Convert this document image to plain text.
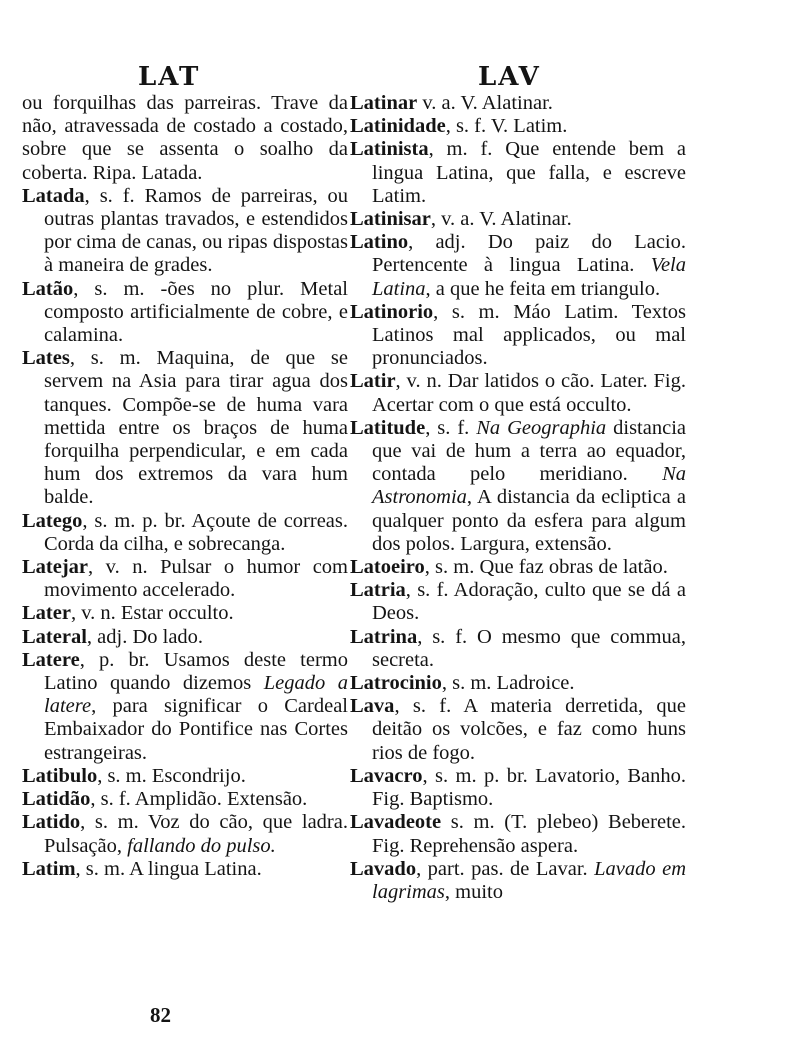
LAT	LAV

ou forquilhas das parreiras. Trave da não, atravessada de costado a costado, sobre que se assenta o soalho da coberta. Ripa. Latada.

Latada, s. f. Ramos de parreiras, ou outras plantas travados, e estendidos por cima de canas, ou ripas dispostas à maneira de grades.

Latão, s. m. -ões no plur. Metal composto artificialmente de cobre, e calamina.

Lates, s. m. Maquina, de que se servem na Asia para tirar agua dos tanques. Compõe-se de huma vara mettida entre os braços de huma forquilha perpendicular, e em cada hum dos extremos da vara hum balde.

Latego, s. m. p. br. Açoute de correas. Corda da cilha, e sobrecanga.

Latejar, v. n. Pulsar o humor com movimento accelerado.

Later, v. n. Estar occulto.

Lateral, adj. Do lado.

Latere, p. br. Usamos deste termo Latino quando dizemos Legado a latere, para significar o Cardeal Embaixador do Pontifice nas Cortes estrangeiras.

Latibulo, s. m. Escondrijo.

Latidão, s. f. Amplidão. Extensão.

Latido, s. m. Voz do cão, que ladra. Pulsação, fallando do pulso.

Latim, s. m. A lingua Latina.

Latinar v. a. V. Alatinar.

Latinidade, s. f. V. Latim.

Latinista, m. f. Que entende bem a lingua Latina, que falla, e escreve Latim.

Latinisar, v. a. V. Alatinar.

Latino, adj. Do paiz do Lacio. Pertencente à lingua Latina. Vela Latina, a que he feita em triangulo.

Latinorio, s. m. Máo Latim. Textos Latinos mal applicados, ou mal pronunciados.

Latir, v. n. Dar latidos o cão. Later. Fig. Acertar com o que está occulto.

Latitude, s. f. Na Geographia distancia que vai de hum a terra ao equador, contada pelo meridiano. Na Astronomia, A distancia da ecliptica a qualquer ponto da esfera para algum dos polos. Largura, extensão.

Latoeiro, s. m. Que faz obras de latão.

Latria, s. f. Adoração, culto que se dá a Deos.

Latrina, s. f. O mesmo que commua, secreta.

Latrocinio, s. m. Ladroice.

Lava, s. f. A materia derretida, que deitão os volcões, e faz como huns rios de fogo.

Lavacro, s. m. p. br. Lavatorio, Banho. Fig. Baptismo.

Lavadeote s. m. (T. plebeo) Beberete. Fig. Reprehensão aspera.

Lavado, part. pas. de Lavar. Lavado em lagrimas, muito

82
